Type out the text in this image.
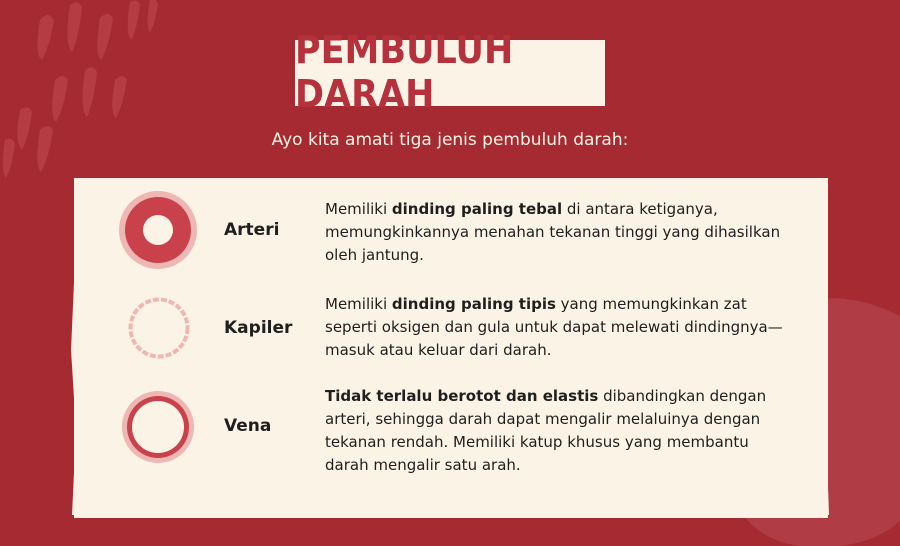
PEMBULUH DARAH
Ayo kita amati tiga jenis pembuluh darah:
Arteri
Memiliki dinding paling tebal di antara ketiganya, memungkinkannya menahan tekanan tinggi yang dihasilkan oleh jantung.
Kapiler
Memiliki dinding paling tipis yang memungkinkan zat seperti oksigen dan gula untuk dapat melewati dindingnya—masuk atau keluar dari darah.
Vena
Tidak terlalu berotot dan elastis dibandingkan dengan arteri, sehingga darah dapat mengalir melaluinya dengan tekanan rendah. Memiliki katup khusus yang membantu darah mengalir satu arah.
